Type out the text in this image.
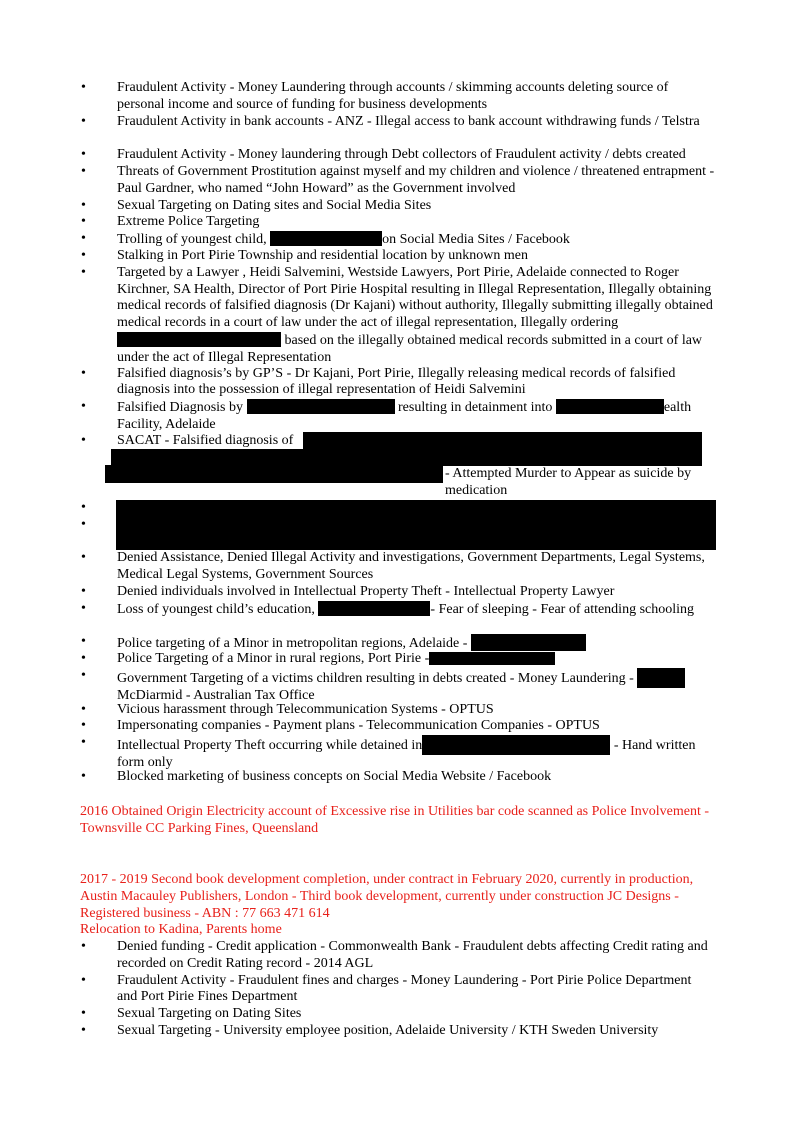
• Fraudulent Activity - Money Laundering through accounts / skimming accounts deleting source of personal income and source of funding for business developments
• Fraudulent Activity in bank accounts - ANZ - Illegal access to bank account withdrawing funds / Telstra
• Fraudulent Activity - Money laundering through Debt collectors of Fraudulent activity / debts created
• Threats of Government Prostitution against myself and my children and violence / threatened entrapment - Paul Gardner, who named “John Howard” as the Government involved
• Sexual Targeting on Dating sites and Social Media Sites
• Extreme Police Targeting
• Trolling of youngest child,	on Social Media Sites / Facebook
• Stalking in Port Pirie Township and residential location by unknown men
• Targeted by a Lawyer , Heidi Salvemini, Westside Lawyers, Port Pirie, Adelaide connected to Roger Kirchner, SA Health, Director of Port Pirie Hospital resulting in Illegal Representation, Illegally obtaining medical records of falsified diagnosis (Dr Kajani) without authority, Illegally submitting illegally obtained medical records in a court of law under the act of illegal representation, Illegally ordering  based on the illegally obtained medical records submitted in a court of law under the act of Illegal Representation
• Falsified diagnosis’s by GP’S - Dr Kajani, Port Pirie, Illegally releasing medical records of falsified diagnosis into the possession of illegal representation of Heidi Salvemini
• Falsified Diagnosis by	resulting in detainment into	ealth Facility, Adelaide
• SACAT - Falsified diagnosis of
- Attempted Murder to Appear as suicide by medication
•
•
• Denied Assistance, Denied Illegal Activity and investigations, Government Departments, Legal Systems, Medical Legal Systems, Government Sources
• Denied individuals involved in Intellectual Property Theft - Intellectual Property Lawyer
• Loss of youngest child’s education,	- Fear of sleeping - Fear of attending schooling
• Police targeting of a Minor in metropolitan regions, Adelaide -
• Police Targeting of a Minor in rural regions, Port Pirie -
• Government Targeting of a victims children resulting in debts created - Money Laundering -  McDiarmid - Australian Tax Office
• Vicious harassment through Telecommunication Systems - OPTUS
• Impersonating companies - Payment plans - Telecommunication Companies - OPTUS
• Intellectual Property Theft occurring while detained in	- Hand written form only
• Blocked marketing of business concepts on Social Media Website / Facebook

2016 Obtained Origin Electricity account of Excessive rise in Utilities bar code scanned as Police Involvement - Townsville CC Parking Fines, Queensland

2017 - 2019 Second book development completion, under contract in February 2020, currently in production, Austin Macauley Publishers, London - Third book development, currently under construction JC Designs - Registered business - ABN : 77 663 471 614
Relocation to Kadina, Parents home
• Denied funding - Credit application - Commonwealth Bank - Fraudulent debts affecting Credit rating and recorded on Credit Rating record - 2014 AGL
• Fraudulent Activity - Fraudulent fines and charges - Money Laundering - Port Pirie Police Department and Port Pirie Fines Department
• Sexual Targeting on Dating Sites
• Sexual Targeting - University employee position, Adelaide University / KTH Sweden University
